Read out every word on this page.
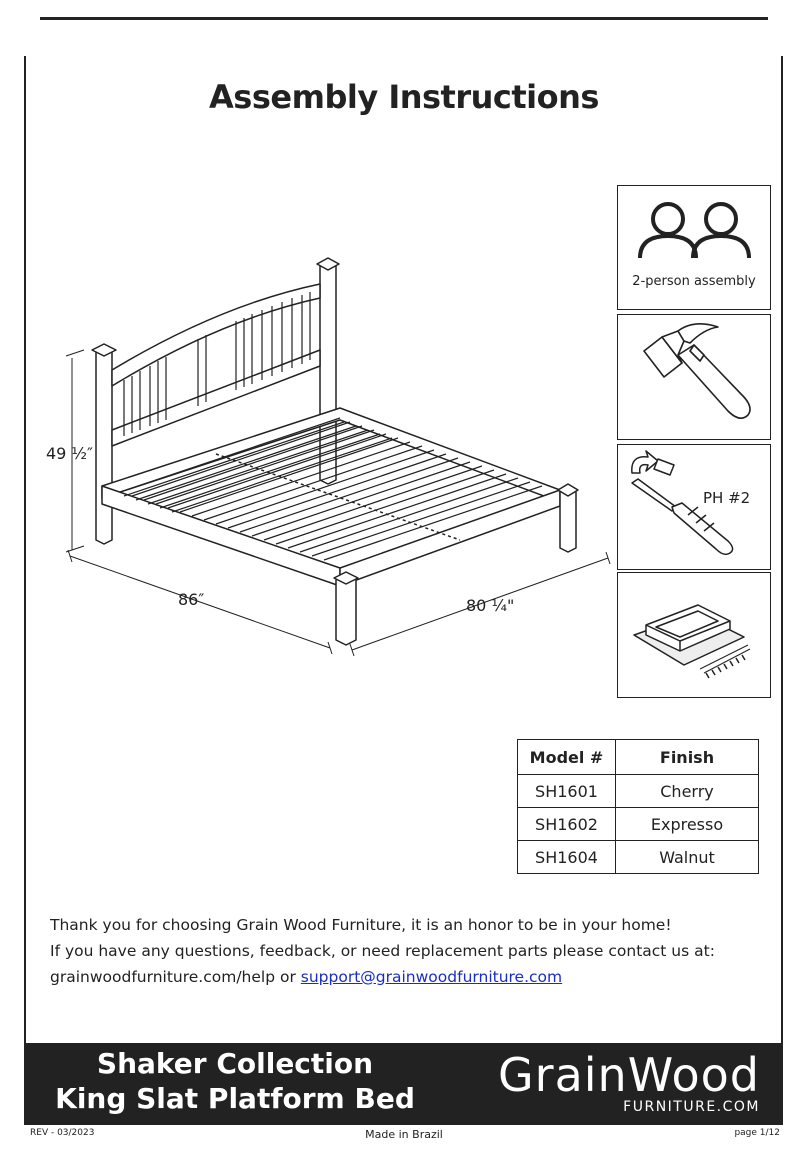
Assembly Instructions
49 ½″
86″	80 ¼"
2-person assembly
PH #2
Model #	Finish
SH1601	Cherry
SH1602	Expresso
SH1604	Walnut
Thank you for choosing Grain Wood Furniture, it is an honor to be in your home!
If you have any questions, feedback, or need replacement parts please contact us at:
grainwoodfurniture.com/help or support@grainwoodfurniture.com
Shaker Collection
King Slat Platform Bed	GrainWood
FURNITURE.COM
REV - 03/2023	Made in Brazil	page 1/12
